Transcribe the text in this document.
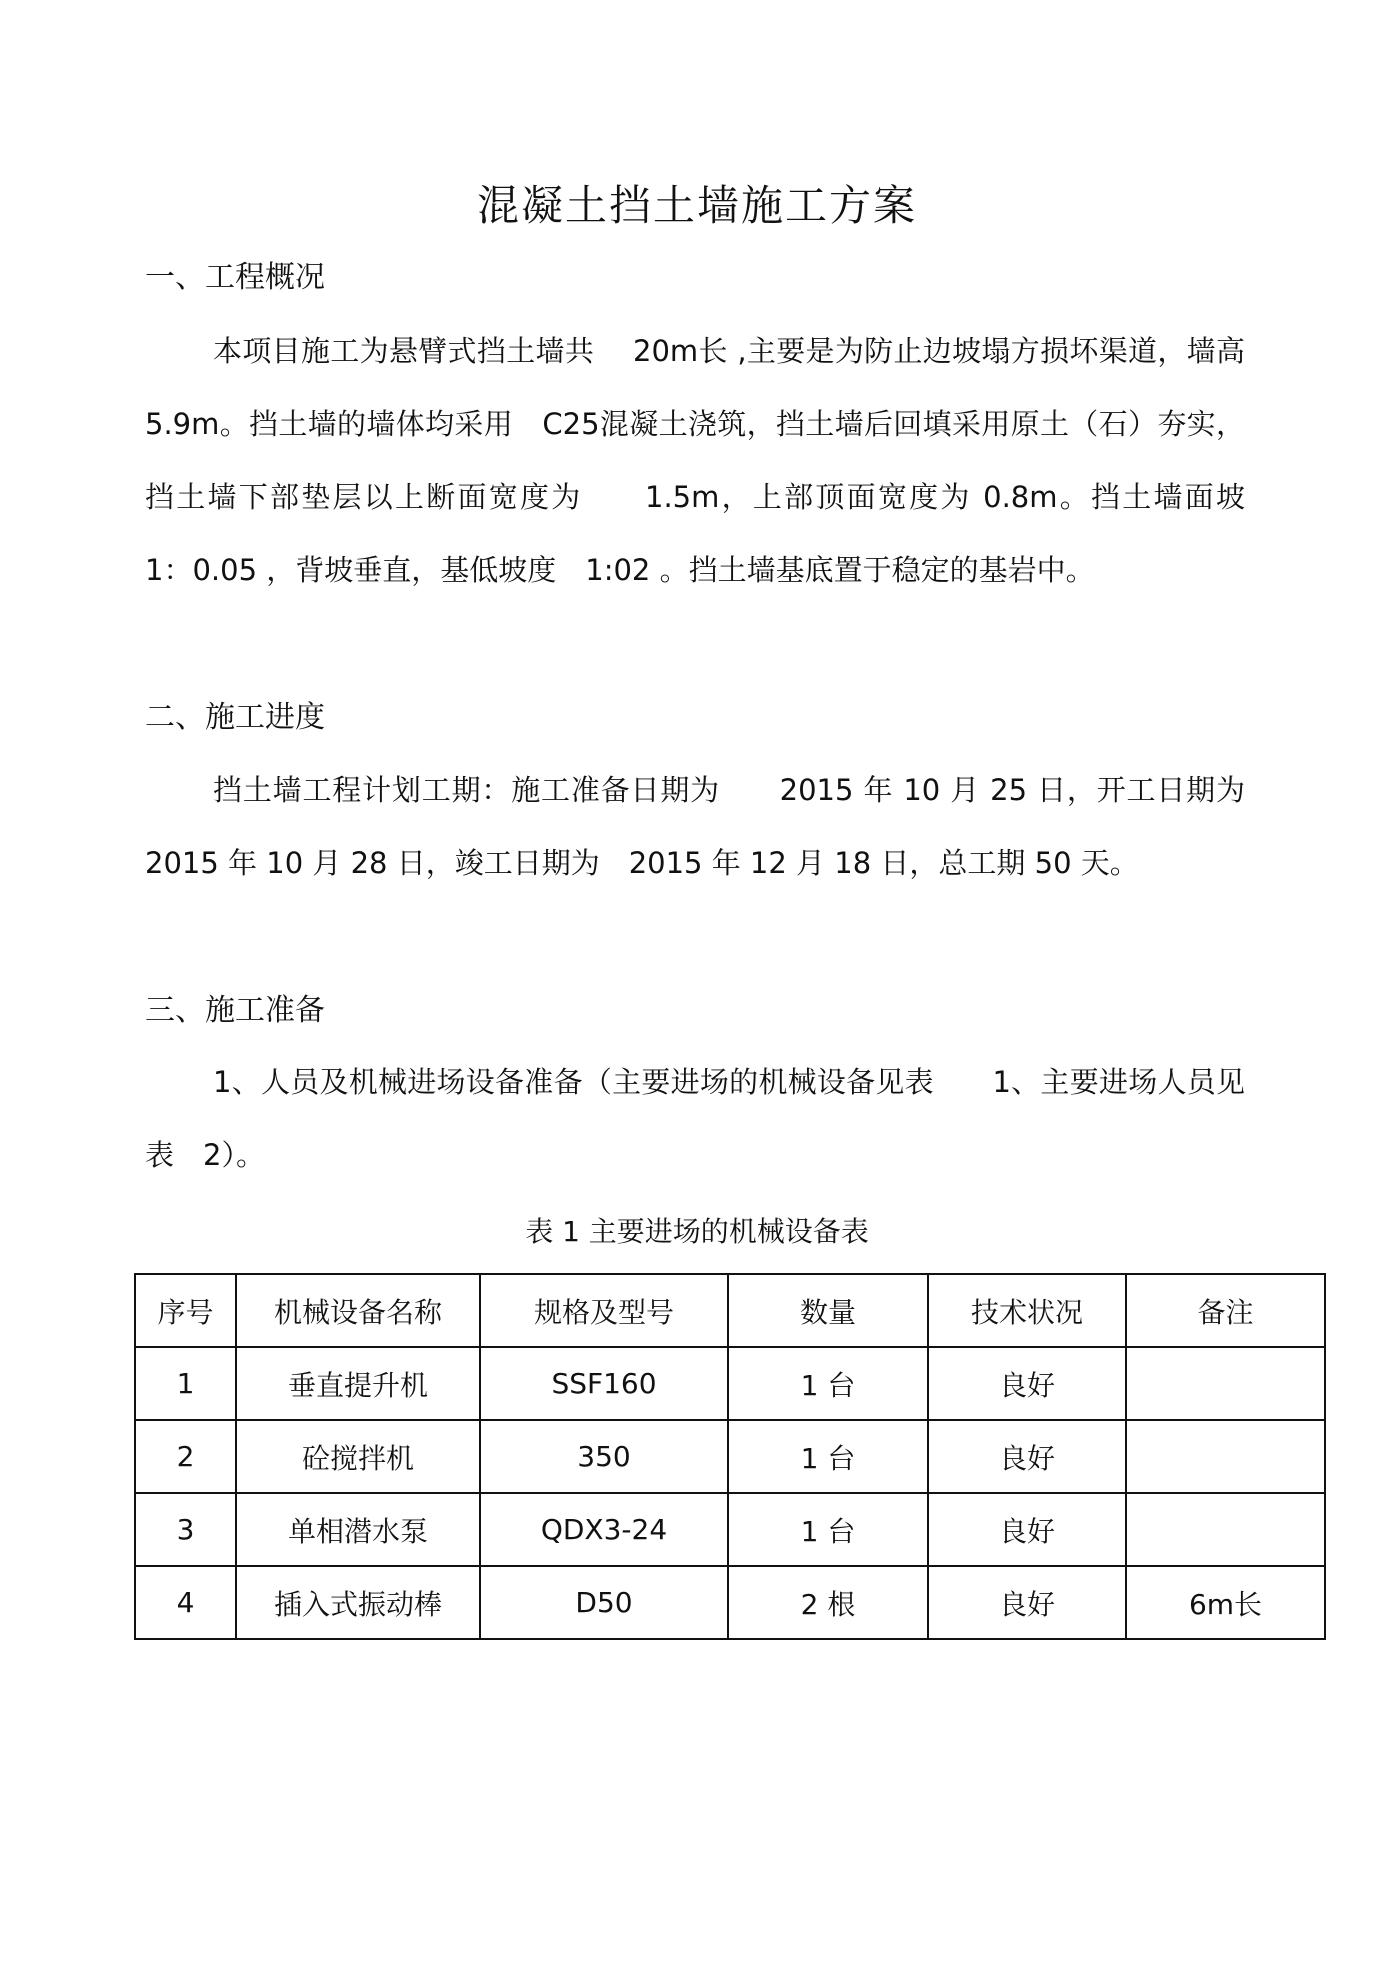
混凝土挡土墙施工方案
一、工程概况

本项目施工为悬臂式挡土墙共　 20m长 ,主要是为防止边坡塌方损坏渠道，墙高　5.9m。挡土墙的墙体均采用　C25混凝土浇筑，挡土墙后回填采用原土（石）夯实，挡土墙下部垫层以上断面宽度为　　1.5m，上部顶面宽度为 0.8m。挡土墙面坡　1：0.05 ，背坡垂直，基低坡度　1:02 。挡土墙基底置于稳定的基岩中。

二、施工进度

挡土墙工程计划工期：施工准备日期为　　2015 年 10 月 25 日，开工日期为　2015 年 10 月 28 日，竣工日期为　2015 年 12 月 18 日，总工期 50 天。

三、施工准备

1、人员及机械进场设备准备（主要进场的机械设备见表　　1、主要进场人员见表　2）。

表 1 主要进场的机械设备表
序号	机械设备名称	规格及型号	数量	技术状况	备注
1	垂直提升机	SSF160	1 台	良好	
2	砼搅拌机	350	1 台	良好	
3	单相潜水泵	QDX3-24	1 台	良好	
4	插入式振动棒	D50	2 根	良好	6m长
